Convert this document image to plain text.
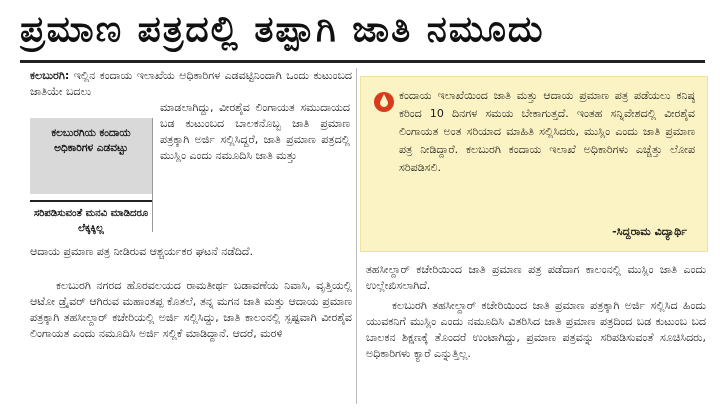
ಪ್ರಮಾಣ ಪತ್ರದಲ್ಲಿ ತಪ್ಪಾಗಿ ಜಾತಿ ನಮೂದು
ಕಲಬುರಗಿ: ಇಲ್ಲಿನ ಕಂದಾಯ ಇಲಾಖೆಯ ಅಧಿಕಾರಿಗಳ ಎಡವಟ್ಟಿನಿಂದಾಗಿ ಒಂದು ಕುಟುಂಬದ ಜಾತಿಯೇ ಬದಲು
ಕಲಬುರಗಿಯ ಕಂದಾಯ ಅಧಿಕಾರಿಗಳ ಎಡವಟ್ಟು
ಸರಿಪಡಿಸುವಂತೆ ಮನವಿ ಮಾಡಿದರೂ ಲೆಕ್ಕಕ್ಕಿಲ್ಲ
ಮಾಡಲಾಗಿದ್ದು, ವೀರಶೈವ ಲಿಂಗಾಯತ ಸಮುದಾಯದ ಬಡ ಕುಟುಂಬದ ಬಾಲಕನೊಬ್ಬ ಜಾತಿ ಪ್ರಮಾಣ ಪತ್ರಕ್ಕಾಗಿ ಅರ್ಜಿ ಸಲ್ಲಿಸಿದ್ದರೆ, ಜಾತಿ ಪ್ರಮಾಣ ಪತ್ರದಲ್ಲಿ ಮುಸ್ಲಿಂ ಎಂದು ನಮೂದಿಸಿ ಜಾತಿ ಮತ್ತು
ಆದಾಯ ಪ್ರಮಾಣ ಪತ್ರ ನೀಡಿರುವ ಆಶ್ಚರ್ಯಕರ ಘಟನೆ ನಡೆದಿದೆ.
ಕಲಬುರಗಿ ನಗರದ ಹೊರವಲಯದ ರಾಮತೀರ್ಥ ಬಡಾವಣೆಯ ನಿವಾಸಿ, ವೃತ್ತಿಯಲ್ಲಿ ಆಟೋ ಡ್ರೈವರ್ ಆಗಿರುವ ಮಹಾಂತಪ್ಪ ಕೊತಲೆ, ತನ್ನ ಮಗನ ಜಾತಿ ಮತ್ತು ಆದಾಯ ಪ್ರಮಾಣ ಪತ್ರಕ್ಕಾಗಿ ತಹಸೀಲ್ದಾರ್ ಕಚೇರಿಯಲ್ಲಿ ಅರ್ಜಿ ಸಲ್ಲಿಸಿದ್ದು, ಜಾತಿ ಕಾಲಂನಲ್ಲಿ ಸ್ಪಷ್ಟವಾಗಿ ವೀರಶೈವ ಲಿಂಗಾಯತ ಎಂದು ನಮೂದಿಸಿ ಅರ್ಜಿ ಸಲ್ಲಿಕೆ ಮಾಡಿದ್ದಾನೆ. ಆದರೆ, ಮರಳಿ
ಕಂದಾಯ ಇಲಾಖೆಯಿಂದ ಜಾತಿ ಮತ್ತು ಆದಾಯ ಪ್ರಮಾಣ ಪತ್ರ ಪಡೆಯಲು ಕನಿಷ್ಠ ಕರಿಂದ 10 ದಿನಗಳ ಸಮಯ ಬೇಕಾಗುತ್ತದೆ. ಇಂತಹ ಸನ್ನಿವೇಶದಲ್ಲಿ ವೀರಶೈವ ಲಿಂಗಾಯತ ಅಂತ ಸರಿಯಾದ ಮಾಹಿತಿ ಸಲ್ಲಿಸಿದರು, ಮುಸ್ಲಿಂ ಎಂದು ಜಾತಿ ಪ್ರಮಾಣ ಪತ್ರ ನೀಡಿದ್ದಾರೆ. ಕಲಬುರಗಿ ಕಂದಾಯ ಇಲಾಖೆ ಅಧಿಕಾರಿಗಳು ಎಚ್ಚೆತ್ತು ಲೋಪ ಸರಿಪಡಿಸಲಿ.
-ಸಿದ್ದರಾಮ ವಿದ್ಯಾರ್ಥಿ

ತಹಸೀಲ್ದಾರ್ ಕಚೇರಿಯಿಂದ ಜಾತಿ ಪ್ರಮಾಣ ಪತ್ರ ಪಡೆದಾಗ ಕಾಲಂನಲ್ಲಿ ಮುಸ್ಲಿಂ ಜಾತಿ ಎಂದು ಉಲ್ಲೇಖಿಸಲಾಗಿದೆ.

ಕಲಬುರಗಿ ತಹಸೀಲ್ದಾರ್ ಕಚೇರಿಯಿಂದ ಜಾತಿ ಪ್ರಮಾಣ ಪತ್ರಕ್ಕಾಗಿ ಅರ್ಜಿ ಸಲ್ಲಿಸಿದ ಹಿಂದು ಯುವಕನಿಗೆ ಮುಸ್ಲಿಂ ಎಂದು ನಮೂದಿಸಿ ವಿತರಿಸಿದ ಜಾತಿ ಪ್ರಮಾಣ ಪತ್ರದಿಂದ ಬಡ ಕುಟುಂಬ ಬದ ಬಾಲಕನ ಶಿಕ್ಷಣಕ್ಕೆ ತೊಂದರೆ ಉಂಟಾಗಿದ್ದು, ಪ್ರಮಾಣ ಪತ್ರವನ್ನು ಸರಿಪಡಿಸುವಂತೆ ಸೂಚಿಸಿದರು, ಅಧಿಕಾರಿಗಳು ಕ್ಯಾರೆ ಎನ್ನುತ್ತಿಲ್ಲ.
